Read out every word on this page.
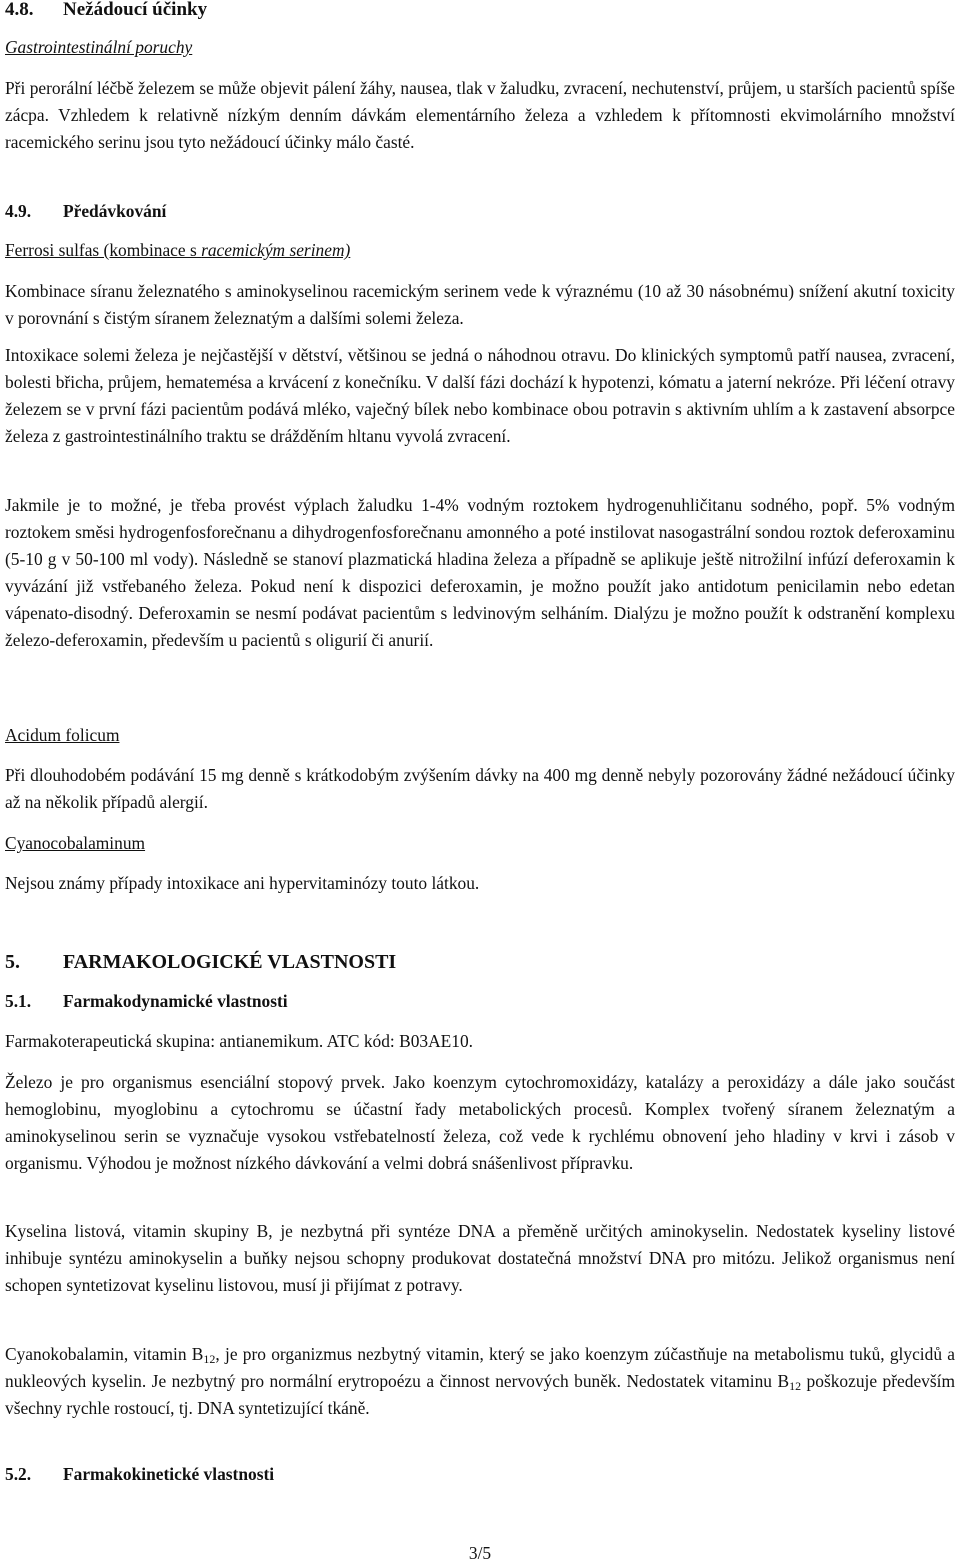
4.8. Nežádoucí účinky

Gastrointestinální poruchy

Při perorální léčbě železem se může objevit pálení žáhy, nausea, tlak v žaludku, zvracení, nechutenství, průjem, u starších pacientů spíše zácpa. Vzhledem k relativně nízkým denním dávkám elementárního železa a vzhledem k přítomnosti ekvimolárního množství racemického serinu jsou tyto nežádoucí účinky málo časté.

4.9. Předávkování

Ferrosi sulfas (kombinace s racemickým serinem)

Kombinace síranu železnatého s aminokyselinou racemickým serinem vede k výraznému (10 až 30 násobnému) snížení akutní toxicity v porovnání s čistým síranem železnatým a dalšími solemi železa.

Intoxikace solemi železa je nejčastější v dětství, většinou se jedná o náhodnou otravu. Do klinických symptomů patří nausea, zvracení, bolesti břicha, průjem, hematemésa a krvácení z konečníku. V další fázi dochází k hypotenzi, kómatu a jaterní nekróze. Při léčení otravy železem se v první fázi pacientům podává mléko, vaječný bílek nebo kombinace obou potravin s aktivním uhlím a k zastavení absorpce železa z gastrointestinálního traktu se drážděním hltanu vyvolá zvracení.

Jakmile je to možné, je třeba provést výplach žaludku 1-4% vodným roztokem hydrogenuhličitanu sodného, popř. 5% vodným roztokem směsi hydrogenfosforečnanu a dihydrogenfosforečnanu amonného a poté instilovat nasogastrální sondou roztok deferoxaminu (5-10 g v 50-100 ml vody). Následně se stanoví plazmatická hladina železa a případně se aplikuje ještě nitrožilní infúzí deferoxamin k vyvázání již vstřebaného železa. Pokud není k dispozici deferoxamin, je možno použít jako antidotum penicilamin nebo edetan vápenato-disodný. Deferoxamin se nesmí podávat pacientům s ledvinovým selháním. Dialýzu je možno použít k odstranění komplexu železo-deferoxamin, především u pacientů s oligurií či anurií.

Acidum folicum

Při dlouhodobém podávání 15 mg denně s krátkodobým zvýšením dávky na 400 mg denně nebyly pozorovány žádné nežádoucí účinky až na několik případů alergií.

Cyanocobalaminum

Nejsou známy případy intoxikace ani hypervitaminózy touto látkou.

5. FARMAKOLOGICKÉ VLASTNOSTI

5.1. Farmakodynamické vlastnosti

Farmakoterapeutická skupina: antianemikum. ATC kód: B03AE10.

Železo je pro organismus esenciální stopový prvek. Jako koenzym cytochromoxidázy, katalázy a peroxidázy a dále jako součást hemoglobinu, myoglobinu a cytochromu se účastní řady metabolických procesů. Komplex tvořený síranem železnatým a aminokyselinou serin se vyznačuje vysokou vstřebatelností železa, což vede k rychlému obnovení jeho hladiny v krvi i zásob v organismu. Výhodou je možnost nízkého dávkování a velmi dobrá snášenlivost přípravku.

Kyselina listová, vitamin skupiny B, je nezbytná při syntéze DNA a přeměně určitých aminokyselin. Nedostatek kyseliny listové inhibuje syntézu aminokyselin a buňky nejsou schopny produkovat dostatečná množství DNA pro mitózu. Jelikož organismus není schopen syntetizovat kyselinu listovou, musí ji přijímat z potravy.

Cyanokobalamin, vitamin $B_{12}$, je pro organizmus nezbytný vitamin, který se jako koenzym zúčastňuje na metabolismu tuků, glycidů a nukleových kyselin. Je nezbytný pro normální erytropoézu a činnost nervových buněk. Nedostatek vitaminu $B_{12}$ poškozuje především všechny rychle rostoucí, tj. DNA syntetizující tkáně.

5.2. Farmakokinetické vlastnosti

3/5
